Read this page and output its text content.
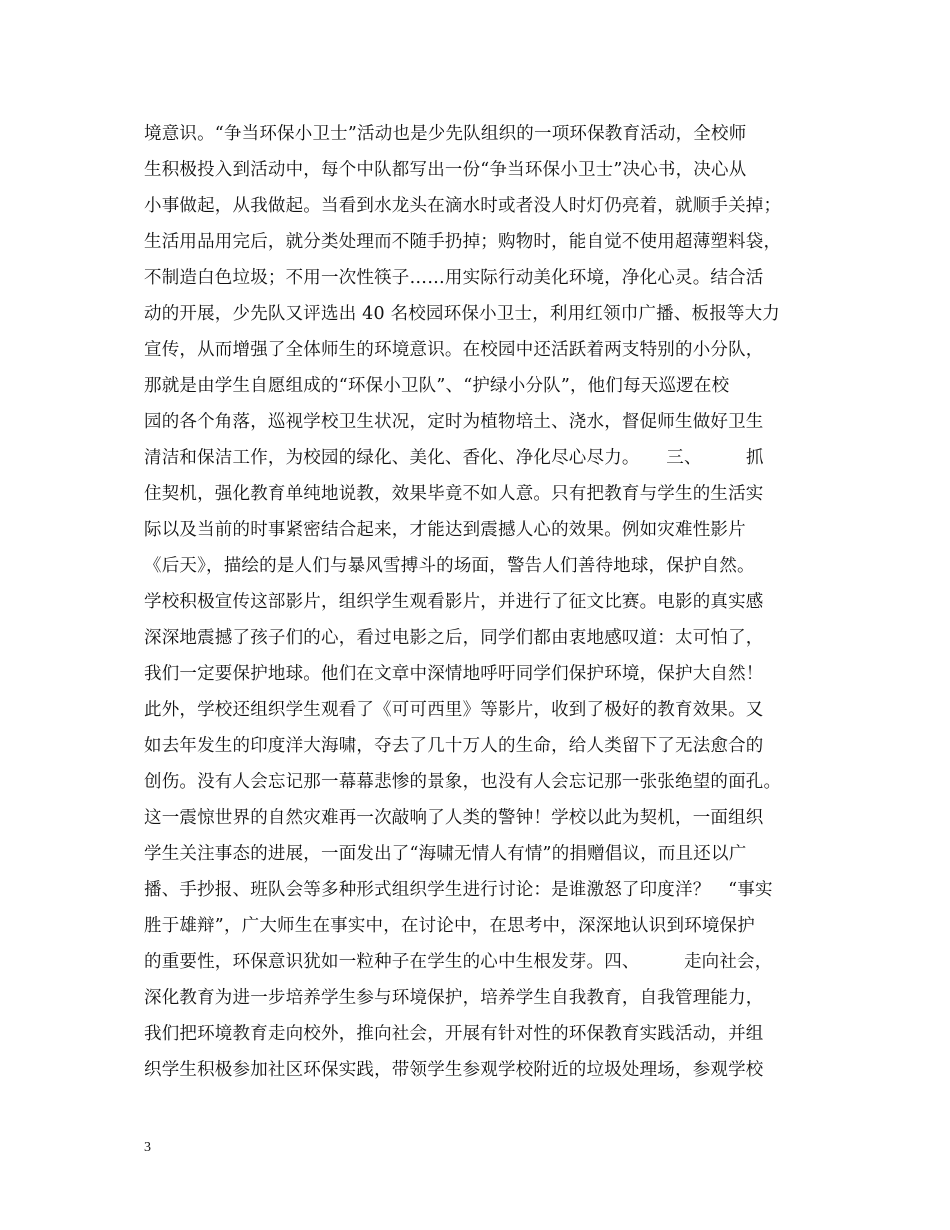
境意识。“争当环保小卫士”活动也是少先队组织的一项环保教育活动，全校师
生积极投入到活动中，每个中队都写出一份“争当环保小卫士”决心书，决心从
小事做起，从我做起。当看到水龙头在滴水时或者没人时灯仍亮着，就顺手关掉；
生活用品用完后，就分类处理而不随手扔掉；购物时，能自觉不使用超薄塑料袋，
不制造白色垃圾；不用一次性筷子……用实际行动美化环境，净化心灵。结合活
动的开展，少先队又评选出 40 名校园环保小卫士，利用红领巾广播、板报等大力
宣传，从而增强了全体师生的环境意识。在校园中还活跃着两支特别的小分队，
那就是由学生自愿组成的“环保小卫队”、“护绿小分队”，他们每天巡逻在校
园的各个角落，巡视学校卫生状况，定时为植物培土、浇水，督促师生做好卫生
清洁和保洁工作，为校园的绿化、美化、香化、净化尽心尽力。　　三、　　　抓
住契机，强化教育单纯地说教，效果毕竟不如人意。只有把教育与学生的生活实
际以及当前的时事紧密结合起来，才能达到震撼人心的效果。例如灾难性影片
《后天》，描绘的是人们与暴风雪搏斗的场面，警告人们善待地球，保护自然。
学校积极宣传这部影片，组织学生观看影片，并进行了征文比赛。电影的真实感
深深地震撼了孩子们的心，看过电影之后，同学们都由衷地感叹道：太可怕了，
我们一定要保护地球。他们在文章中深情地呼吁同学们保护环境，保护大自然！
此外，学校还组织学生观看了《可可西里》等影片，收到了极好的教育效果。又
如去年发生的印度洋大海啸，夺去了几十万人的生命，给人类留下了无法愈合的
创伤。没有人会忘记那一幕幕悲惨的景象，也没有人会忘记那一张张绝望的面孔。
这一震惊世界的自然灾难再一次敲响了人类的警钟！学校以此为契机，一面组织
学生关注事态的进展，一面发出了“海啸无情人有情”的捐赠倡议，而且还以广
播、手抄报、班队会等多种形式组织学生进行讨论：是谁激怒了印度洋？　“事实
胜于雄辩”，广大师生在事实中，在讨论中，在思考中，深深地认识到环境保护
的重要性，环保意识犹如一粒种子在学生的心中生根发芽。四、　　　走向社会，
深化教育为进一步培养学生参与环境保护，培养学生自我教育，自我管理能力，
我们把环境教育走向校外，推向社会，开展有针对性的环保教育实践活动，并组
织学生积极参加社区环保实践，带领学生参观学校附近的垃圾处理场，参观学校
3
